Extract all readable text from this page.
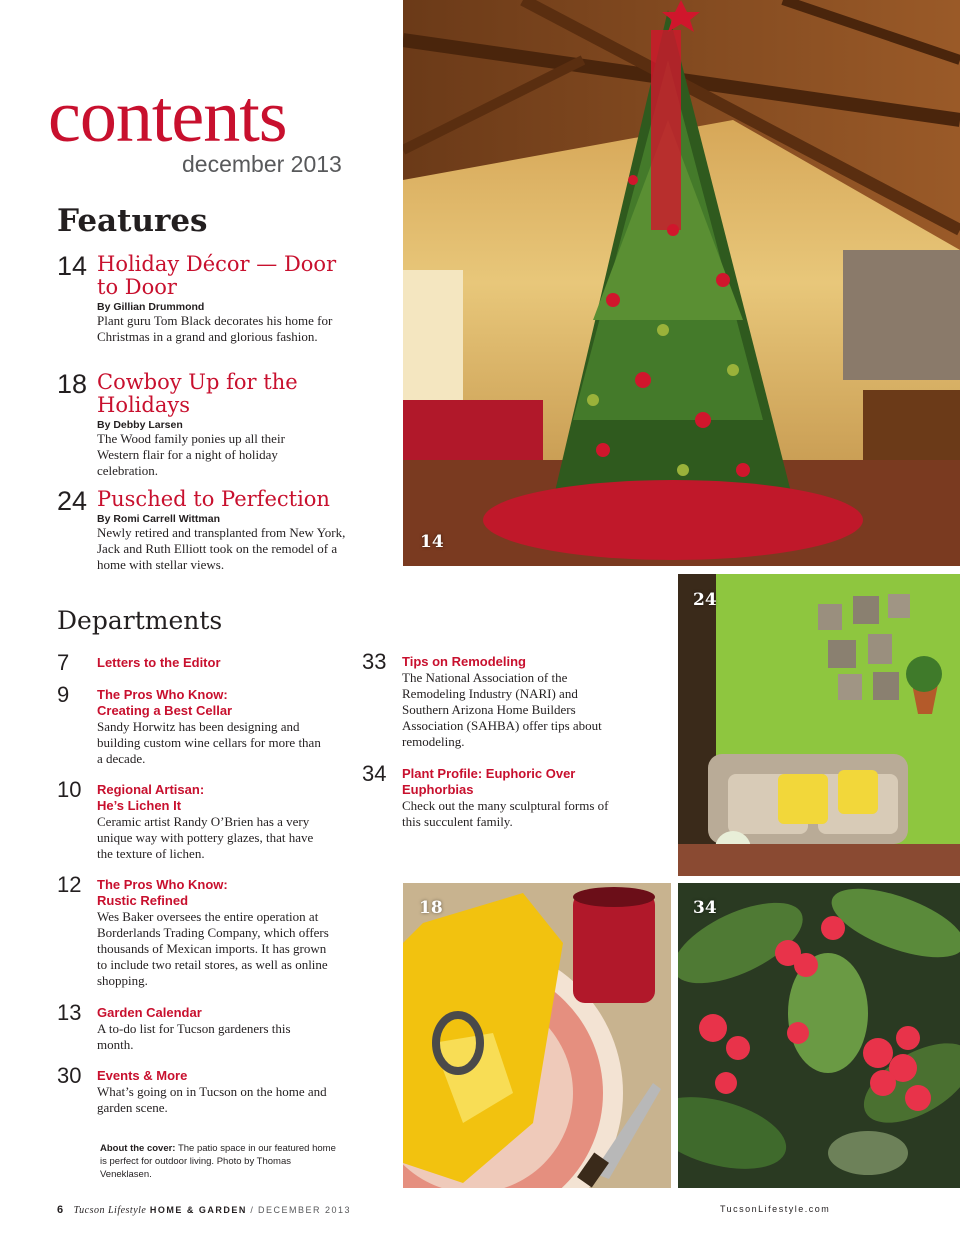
contents
december 2013
Features
14 Holiday Décor — Door to Door
By Gillian Drummond
Plant guru Tom Black decorates his home for Christmas in a grand and glorious fashion.
18 Cowboy Up for the Holidays
By Debby Larsen
The Wood family ponies up all their Western flair for a night of holiday celebration.
24 Pusched to Perfection
By Romi Carrell Wittman
Newly retired and transplanted from New York, Jack and Ruth Elliott took on the remodel of a home with stellar views.
Departments
7 Letters to the Editor
9 The Pros Who Know: Creating a Best Cellar
Sandy Horwitz has been designing and building custom wine cellars for more than a decade.
10 Regional Artisan: He’s Lichen It
Ceramic artist Randy O’Brien has a very unique way with pottery glazes, that have the texture of lichen.
12 The Pros Who Know: Rustic Refined
Wes Baker oversees the entire operation at Borderlands Trading Company, which offers thousands of Mexican imports. It has grown to include two retail stores, as well as online shopping.
13 Garden Calendar
A to-do list for Tucson gardeners this month.
30 Events & More
What’s going on in Tucson on the home and garden scene.
33 Tips on Remodeling
The National Association of the Remodeling Industry (NARI) and Southern Arizona Home Builders Association (SAHBA) offer tips about remodeling.
34 Plant Profile: Euphoric Over Euphorbias
Check out the many sculptural forms of this succulent family.
About the cover: The patio space in our featured home is perfect for outdoor living. Photo by Thomas Veneklasen.
14
24
18	34
6 Tucson Lifestyle HOME & GARDEN / DECEMBER 2013	TucsonLifestyle.com
